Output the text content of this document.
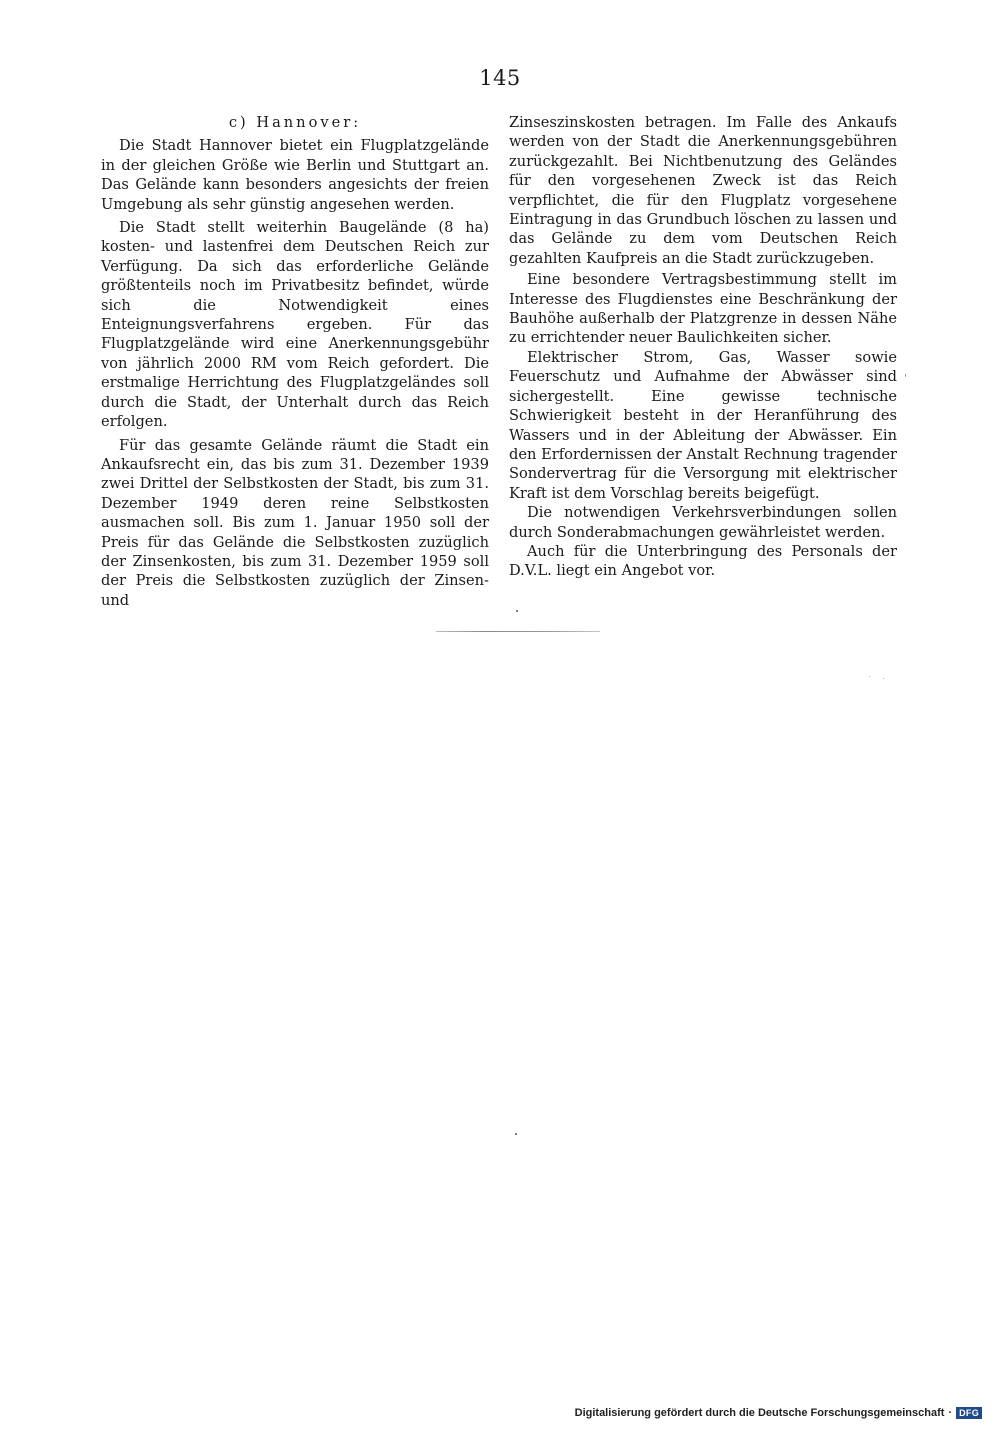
145

c) Hannover:

Die Stadt Hannover bietet ein Flugplatzgelände in der gleichen Größe wie Berlin und Stuttgart an. Das Gelände kann besonders angesichts der freien Umgebung als sehr günstig angesehen werden.

Die Stadt stellt weiterhin Baugelände (8 ha) kosten- und lastenfrei dem Deutschen Reich zur Verfügung. Da sich das erforderliche Gelände größtenteils noch im Privatbesitz befindet, würde sich die Notwendigkeit eines Enteignungsverfahrens ergeben. Für das Flugplatzgelände wird eine Anerkennungsgebühr von jährlich 2000 RM vom Reich gefordert. Die erstmalige Herrichtung des Flugplatzgeländes soll durch die Stadt, der Unterhalt durch das Reich erfolgen.

Für das gesamte Gelände räumt die Stadt ein Ankaufsrecht ein, das bis zum 31. Dezember 1939 zwei Drittel der Selbstkosten der Stadt, bis zum 31. Dezember 1949 deren reine Selbstkosten ausmachen soll. Bis zum 1. Januar 1950 soll der Preis für das Gelände die Selbstkosten zuzüglich der Zinsenkosten, bis zum 31. Dezember 1959 soll der Preis die Selbstkosten zuzüglich der Zinsen- und

Zinseszinskosten betragen. Im Falle des Ankaufs werden von der Stadt die Anerkennungsgebühren zurückgezahlt. Bei Nichtbenutzung des Geländes für den vorgesehenen Zweck ist das Reich verpflichtet, die für den Flugplatz vorgesehene Eintragung in das Grundbuch löschen zu lassen und das Gelände zu dem vom Deutschen Reich gezahlten Kaufpreis an die Stadt zurückzugeben.

Eine besondere Vertragsbestimmung stellt im Interesse des Flugdienstes eine Beschränkung der Bauhöhe außerhalb der Platzgrenze in dessen Nähe zu errichtender neuer Baulichkeiten sicher.

Elektrischer Strom, Gas, Wasser sowie Feuerschutz und Aufnahme der Abwässer sind sichergestellt. Eine gewisse technische Schwierigkeit besteht in der Heranführung des Wassers und in der Ableitung der Abwässer. Ein den Erfordernissen der Anstalt Rechnung tragender Sondervertrag für die Versorgung mit elektrischer Kraft ist dem Vorschlag bereits beigefügt.

Die notwendigen Verkehrsverbindungen sollen durch Sonderabmachungen gewährleistet werden.

Auch für die Unterbringung des Personals der D.V.L. liegt ein Angebot vor.

Digitalisierung gefördert durch die Deutsche Forschungsgemeinschaft · DFG
